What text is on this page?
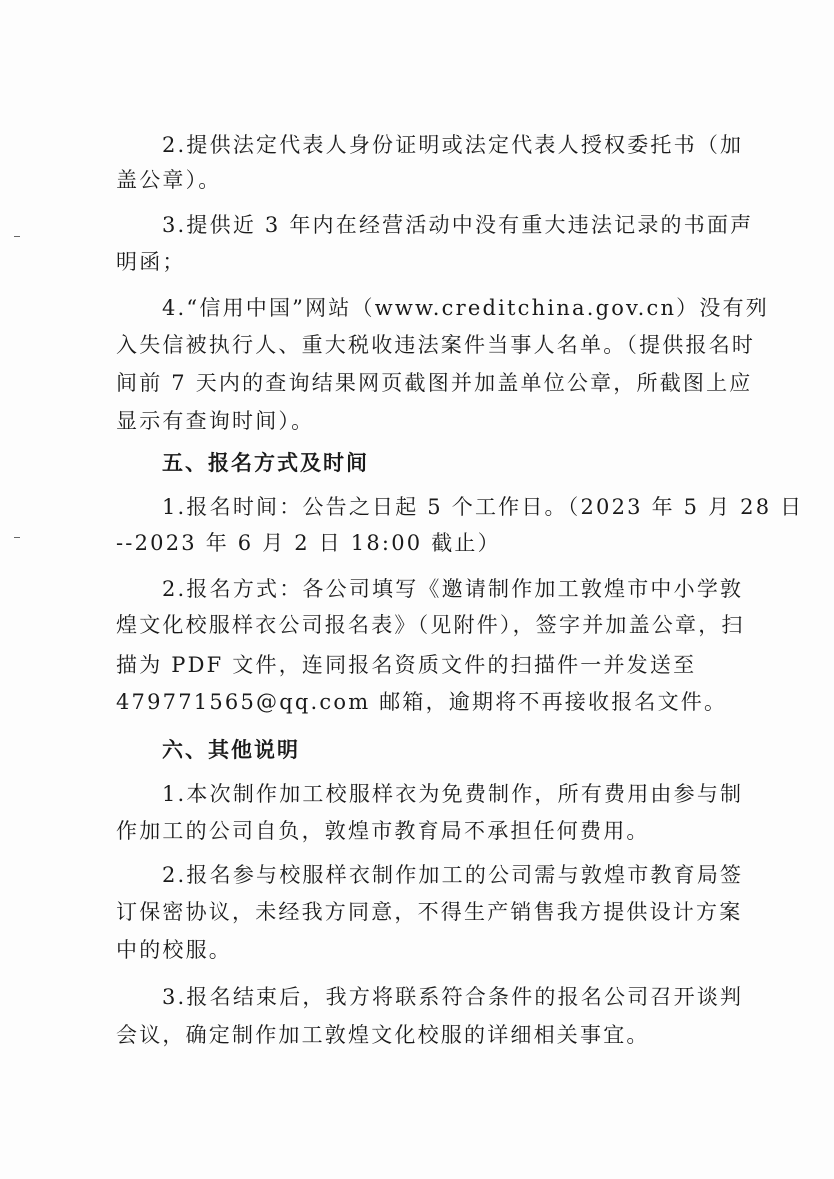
2.提供法定代表人身份证明或法定代表人授权委托书（加
盖公章）。
3.提供近 3 年内在经营活动中没有重大违法记录的书面声
明函；
4.“信用中国”网站（www.creditchina.gov.cn）没有列
入失信被执行人、重大税收违法案件当事人名单。（提供报名时
间前 7 天内的查询结果网页截图并加盖单位公章，所截图上应
显示有查询时间）。
五、报名方式及时间
1.报名时间：公告之日起 5 个工作日。（2023 年 5 月 28 日
--2023 年 6 月 2 日 18:00 截止）
2.报名方式：各公司填写《邀请制作加工敦煌市中小学敦
煌文化校服样衣公司报名表》（见附件），签字并加盖公章，扫
描为 PDF 文件，连同报名资质文件的扫描件一并发送至
479771565@qq.com 邮箱，逾期将不再接收报名文件。
六、其他说明
1.本次制作加工校服样衣为免费制作，所有费用由参与制
作加工的公司自负，敦煌市教育局不承担任何费用。
2.报名参与校服样衣制作加工的公司需与敦煌市教育局签
订保密协议，未经我方同意，不得生产销售我方提供设计方案
中的校服。
3.报名结束后，我方将联系符合条件的报名公司召开谈判
会议，确定制作加工敦煌文化校服的详细相关事宜。
